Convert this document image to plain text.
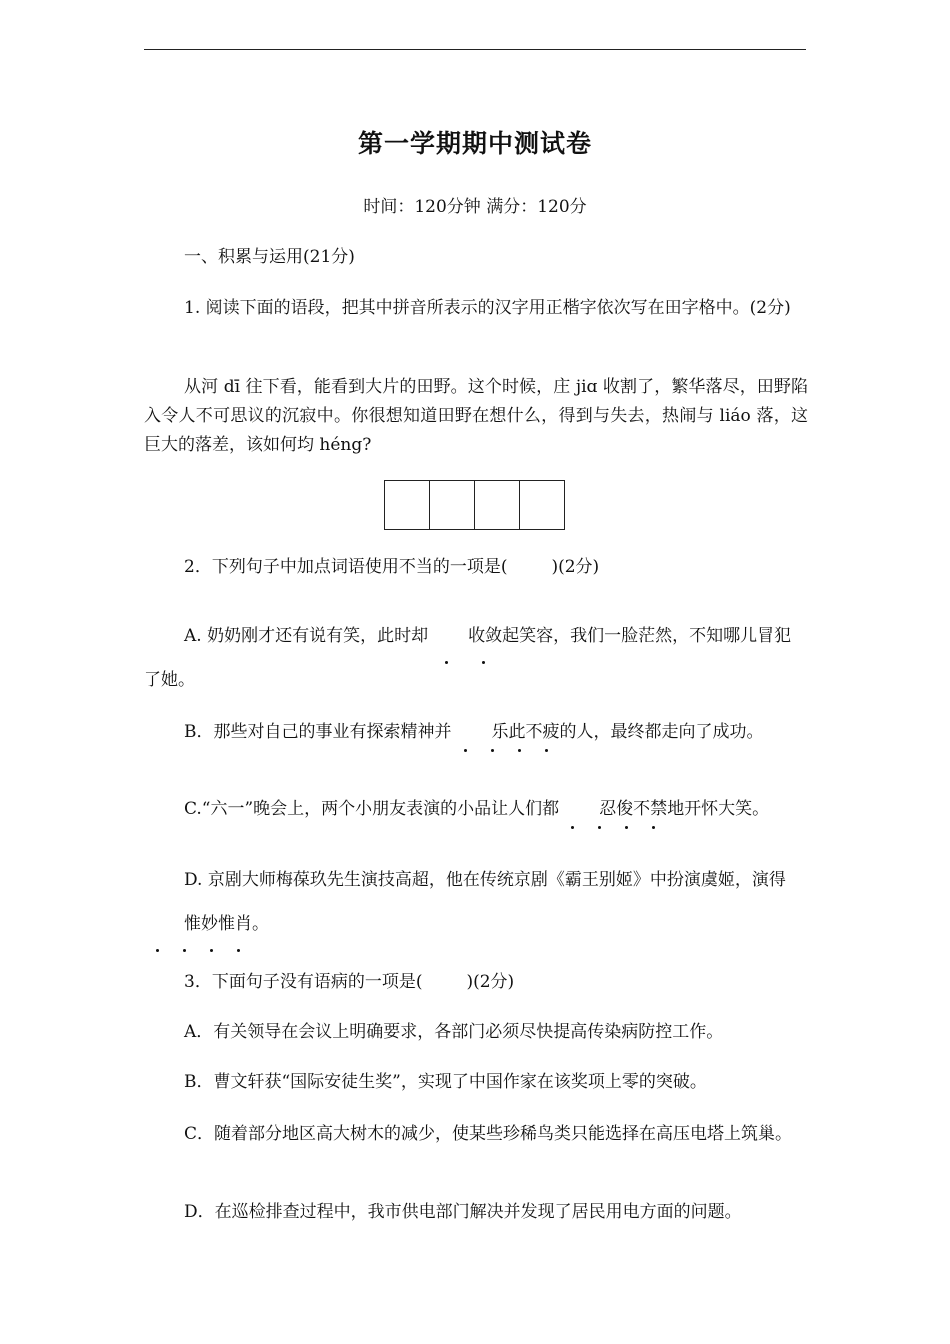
第一学期期中测试卷
时间：120分钟 满分：120分
一、积累与运用(21分)
1. 阅读下面的语段，把其中拼音所表示的汉字用正楷字依次写在田字格中。(2分)
从河 dī 往下看，能看到大片的田野。这个时候，庄 jiɑ 收割了，繁华落尽，田野陷入令人不可思议的沉寂中。你很想知道田野在想什么，得到与失去，热闹与 liáo 落，这巨大的落差，该如何均 héng?
2．下列句子中加点词语使用不当的一项是(	)(2分)
A. 奶奶刚才还有说有笑，此时却 收敛
起笑容，我们一脸茫然，不知哪儿冒犯了她。
B．那些对自己的事业有探索精神并 乐此不疲
的人，最终都走向了成功。
C.“六一”晚会上，两个小朋友表演的小品让人们都 忍俊不禁
地开怀大笑。
D. 京剧大师梅葆玖先生演技高超，他在传统京剧《霸王别姬》中扮演虞姬，演得惟妙惟肖
。
3．下面句子没有语病的一项是(	)(2分)
A．有关领导在会议上明确要求，各部门必须尽快提高传染病防控工作。
B．曹文轩获“国际安徒生奖”，实现了中国作家在该奖项上零的突破。
C．随着部分地区高大树木的减少，使某些珍稀鸟类只能选择在高压电塔上筑巢。
D．在巡检排查过程中，我市供电部门解决并发现了居民用电方面的问题。
